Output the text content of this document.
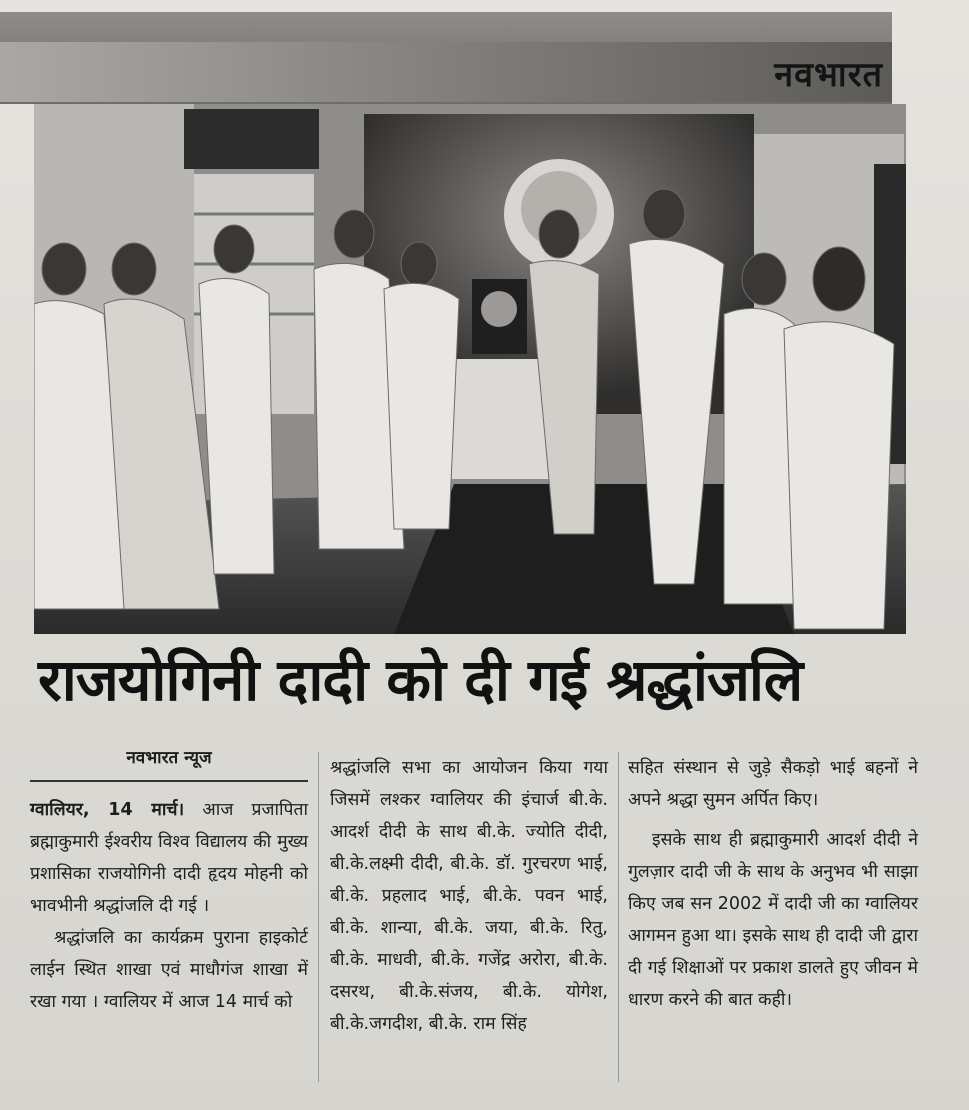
नवभारत
राजयोगिनी दादी को दी गई श्रद्धांजलि
नवभारत न्यूज

ग्वालियर, 14 मार्च। आज प्रजापिता ब्रह्माकुमारी ईश्वरीय विश्व विद्यालय की मुख्य प्रशासिका राजयोगिनी दादी हृदय मोहनी को भावभीनी श्रद्धांजलि दी गई ।

श्रद्धांजलि का कार्यक्रम पुराना हाइकोर्ट लाईन स्थित शाखा एवं माधौगंज शाखा में रखा गया । ग्वालियर में आज 14 मार्च को

श्रद्धांजलि सभा का आयोजन किया गया जिसमें लश्कर ग्वालियर की इंचार्ज बी.के. आदर्श दीदी के साथ बी.के. ज्योति दीदी, बी.के.लक्ष्मी दीदी, बी.के. डॉ. गुरचरण भाई, बी.के. प्रहलाद भाई, बी.के. पवन भाई, बी.के. शान्या, बी.के. जया, बी.के. रितु, बी.के. माधवी, बी.के. गजेंद्र अरोरा, बी.के. दसरथ, बी.के.संजय, बी.के. योगेश, बी.के.जगदीश, बी.के. राम सिंह

सहित संस्थान से जुड़े सैकड़ो भाई बहनों ने अपने श्रद्धा सुमन अर्पित किए।

इसके साथ ही ब्रह्माकुमारी आदर्श दीदी ने गुलज़ार दादी जी के साथ के अनुभव भी साझा किए जब सन 2002 में दादी जी का ग्वालियर आगमन हुआ था। इसके साथ ही दादी जी द्वारा दी गई शिक्षाओं पर प्रकाश डालते हुए जीवन मे धारण करने की बात कही।
